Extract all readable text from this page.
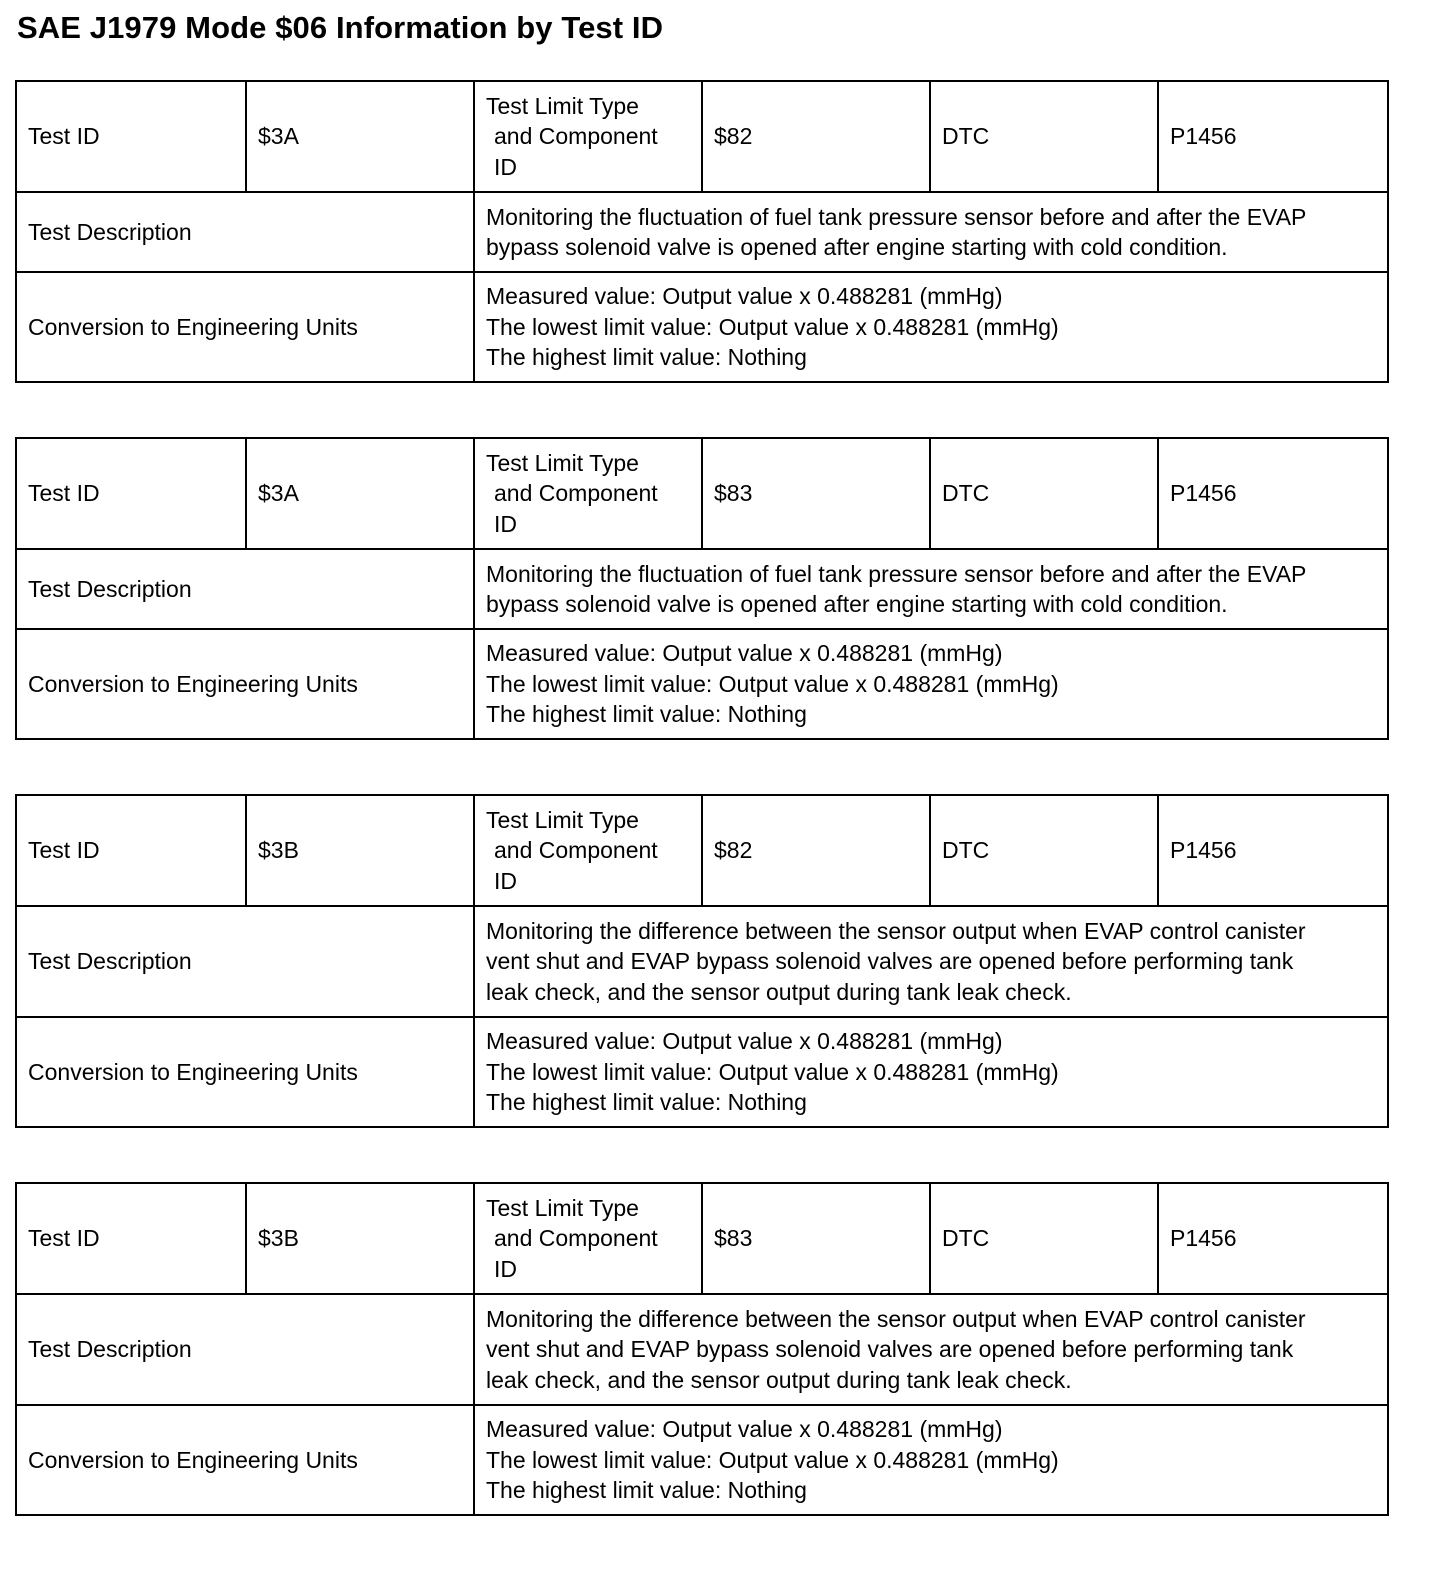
SAE J1979 Mode $06 Information by Test ID
Test ID	$3A	Test Limit Type
and Component
ID	$82	DTC	P1456
Test Description		Monitoring the fluctuation of fuel tank pressure sensor before and after the EVAP
bypass solenoid valve is opened after engine starting with cold condition.			

Conversion to Engineering Units		Measured value: Output value x 0.488281 (mmHg)
The lowest limit value: Output value x 0.488281 (mmHg)
The highest limit value: Nothing			
Test ID	$3A	Test Limit Type
and Component
ID	$83	DTC	P1456
Test Description		Monitoring the fluctuation of fuel tank pressure sensor before and after the EVAP
bypass solenoid valve is opened after engine starting with cold condition.			

Conversion to Engineering Units		Measured value: Output value x 0.488281 (mmHg)
The lowest limit value: Output value x 0.488281 (mmHg)
The highest limit value: Nothing			
Test ID	$3B	Test Limit Type
and Component
ID	$82	DTC	P1456
Test Description		Monitoring the difference between the sensor output when EVAP control canister
vent shut and EVAP bypass solenoid valves are opened before performing tank
leak check, and the sensor output during tank leak check.			

Conversion to Engineering Units		Measured value: Output value x 0.488281 (mmHg)
The lowest limit value: Output value x 0.488281 (mmHg)
The highest limit value: Nothing			
Test ID	$3B	Test Limit Type
and Component
ID	$83	DTC	P1456
Test Description		Monitoring the difference between the sensor output when EVAP control canister
vent shut and EVAP bypass solenoid valves are opened before performing tank
leak check, and the sensor output during tank leak check.			

Conversion to Engineering Units		Measured value: Output value x 0.488281 (mmHg)
The lowest limit value: Output value x 0.488281 (mmHg)
The highest limit value: Nothing			
